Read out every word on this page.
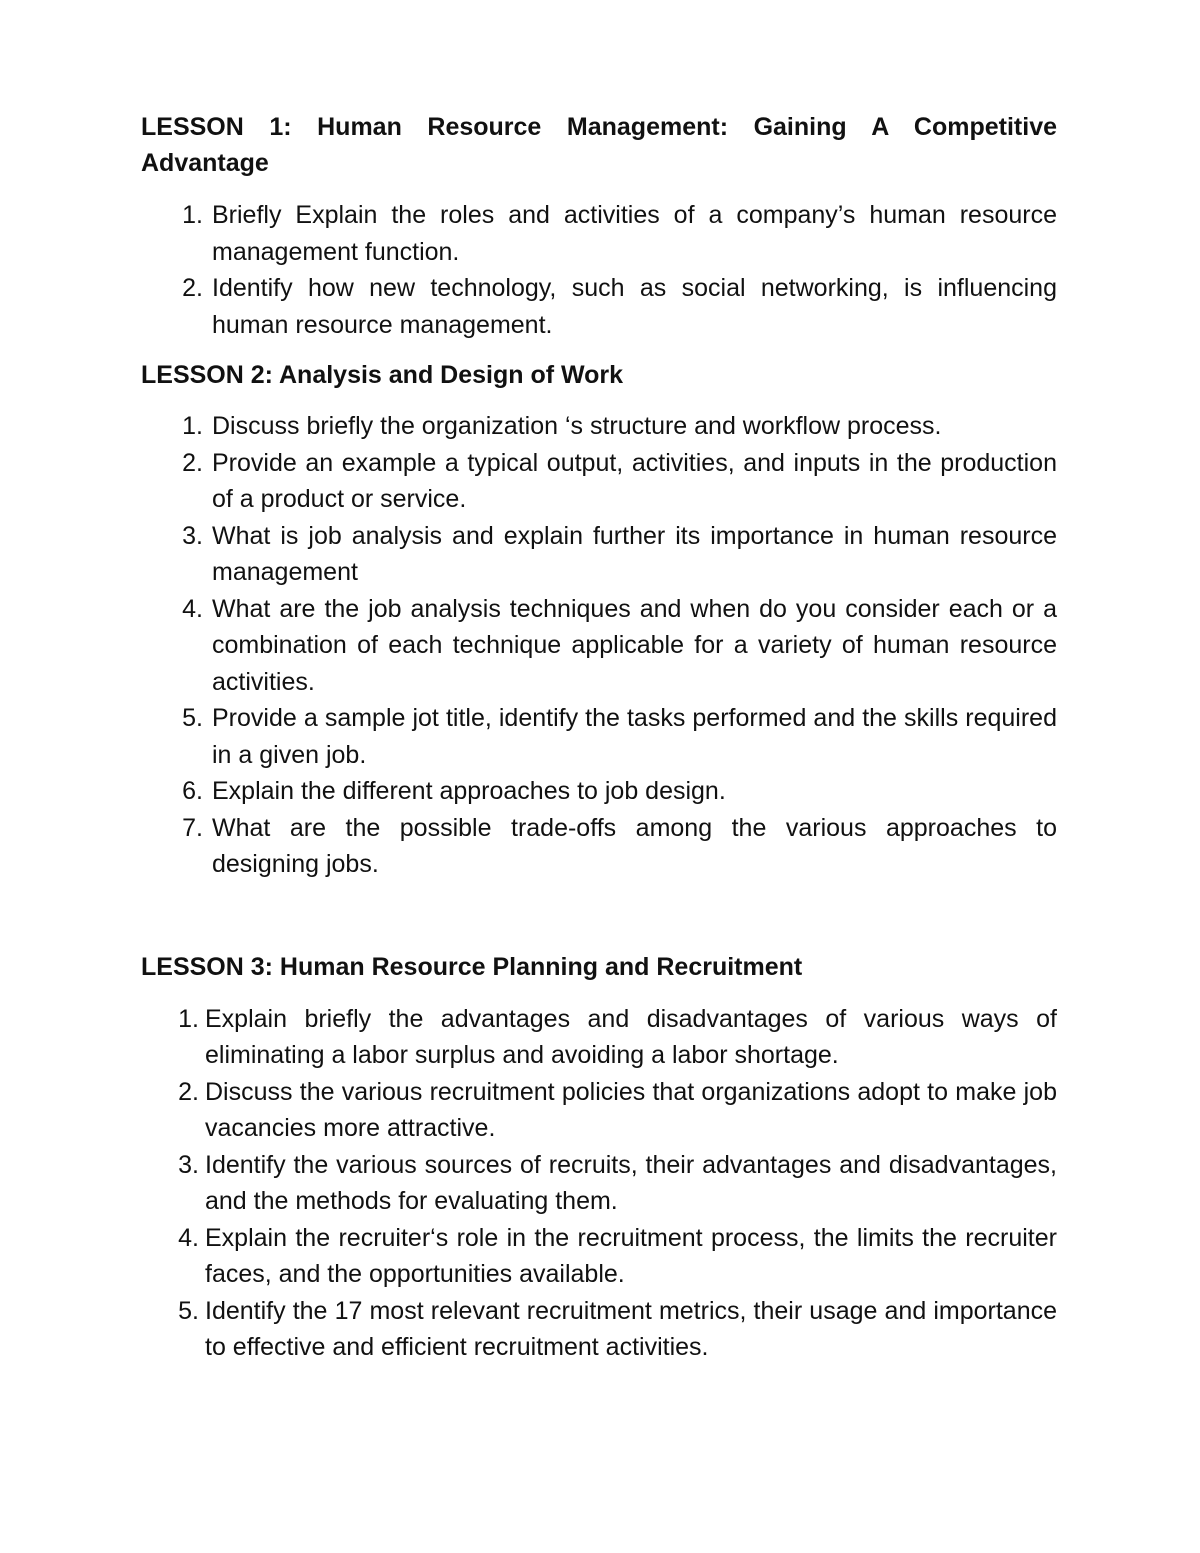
LESSON 1: Human Resource Management: Gaining A Competitive Advantage
1. Briefly Explain the roles and activities of a company’s human resource management function.
2. Identify how new technology, such as social networking, is influencing human resource management.
LESSON 2: Analysis and Design of Work
1. Discuss briefly the organization ‘s structure and workflow process.
2. Provide an example a typical output, activities, and inputs in the production of a product or service.
3. What is job analysis and explain further its importance in human resource management
4. What are the job analysis techniques and when do you consider each or a combination of each technique applicable for a variety of human resource activities.
5. Provide a sample jot title, identify the tasks performed and the skills required in a given job.
6. Explain the different approaches to job design.
7. What are the possible trade-offs among the various approaches to designing jobs.
LESSON 3: Human Resource Planning and Recruitment
1. Explain briefly the advantages and disadvantages of various ways of eliminating a labor surplus and avoiding a labor shortage.
2. Discuss the various recruitment policies that organizations adopt to make job vacancies more attractive.
3. Identify the various sources of recruits, their advantages and disadvantages, and the methods for evaluating them.
4. Explain the recruiter‘s role in the recruitment process, the limits the recruiter faces, and the opportunities available.
5. Identify the 17 most relevant recruitment metrics, their usage and importance to effective and efficient recruitment activities.
